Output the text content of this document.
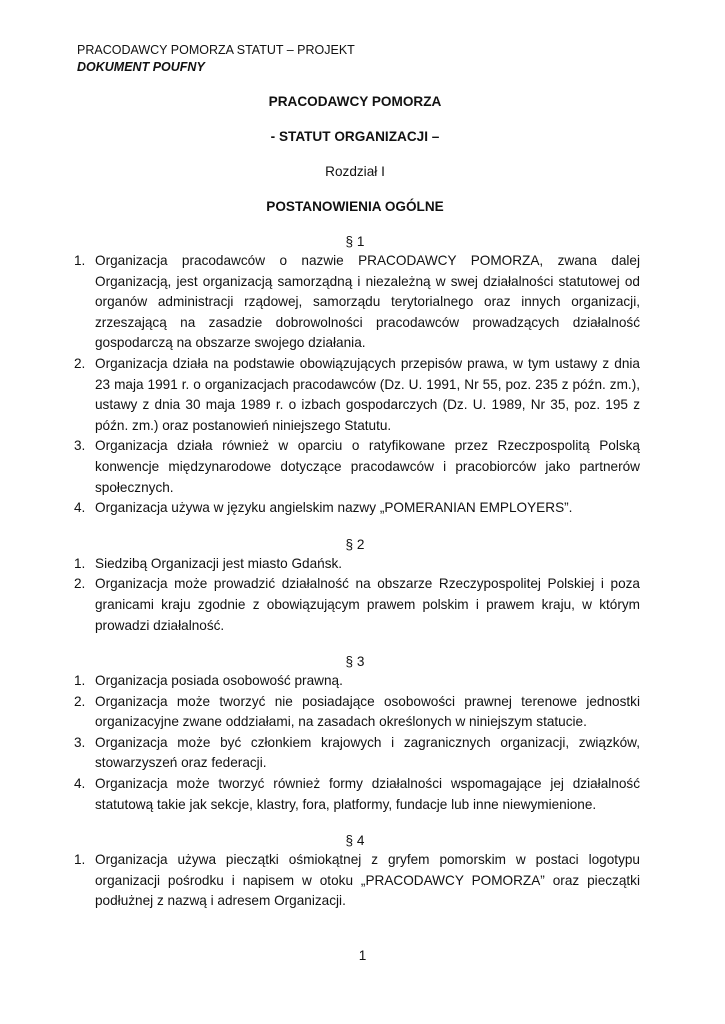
PRACODAWCY POMORZA STATUT – PROJEKT
DOKUMENT POUFNY
PRACODAWCY POMORZA
- STATUT ORGANIZACJI –
Rozdział I
POSTANOWIENIA OGÓLNE
§ 1
1. Organizacja pracodawców o nazwie PRACODAWCY POMORZA, zwana dalej Organizacją, jest organizacją samorządną i niezależną w swej działalności statutowej od organów administracji rządowej, samorządu terytorialnego oraz innych organizacji, zrzeszającą na zasadzie dobrowolności pracodawców prowadzących działalność gospodarczą na obszarze swojego działania.
2. Organizacja działa na podstawie obowiązujących przepisów prawa, w tym ustawy z dnia 23 maja 1991 r. o organizacjach pracodawców (Dz. U. 1991, Nr 55, poz. 235 z późn. zm.), ustawy z dnia 30 maja 1989 r. o izbach gospodarczych (Dz. U. 1989, Nr 35, poz. 195 z późn. zm.) oraz postanowień niniejszego Statutu.
3. Organizacja działa również w oparciu o ratyfikowane przez Rzeczpospolitą Polską konwencje międzynarodowe dotyczące pracodawców i pracobiorców jako partnerów społecznych.
4. Organizacja używa w języku angielskim nazwy „POMERANIAN EMPLOYERS”.
§ 2
1. Siedzibą Organizacji jest miasto Gdańsk.
2. Organizacja może prowadzić działalność na obszarze Rzeczypospolitej Polskiej i poza granicami kraju zgodnie z obowiązującym prawem polskim i prawem kraju, w którym prowadzi działalność.
§ 3
1. Organizacja posiada osobowość prawną.
2. Organizacja może tworzyć nie posiadające osobowości prawnej terenowe jednostki organizacyjne zwane oddziałami, na zasadach określonych w niniejszym statucie.
3. Organizacja może być członkiem krajowych i zagranicznych organizacji, związków, stowarzyszeń oraz federacji.
4. Organizacja może tworzyć również formy działalności wspomagające jej działalność statutową takie jak sekcje, klastry, fora, platformy, fundacje lub inne niewymienione.
§ 4
1. Organizacja używa pieczątki ośmiokątnej z gryfem pomorskim w postaci logotypu organizacji pośrodku i napisem w otoku „PRACODAWCY POMORZA” oraz pieczątki podłużnej z nazwą i adresem Organizacji.
1
